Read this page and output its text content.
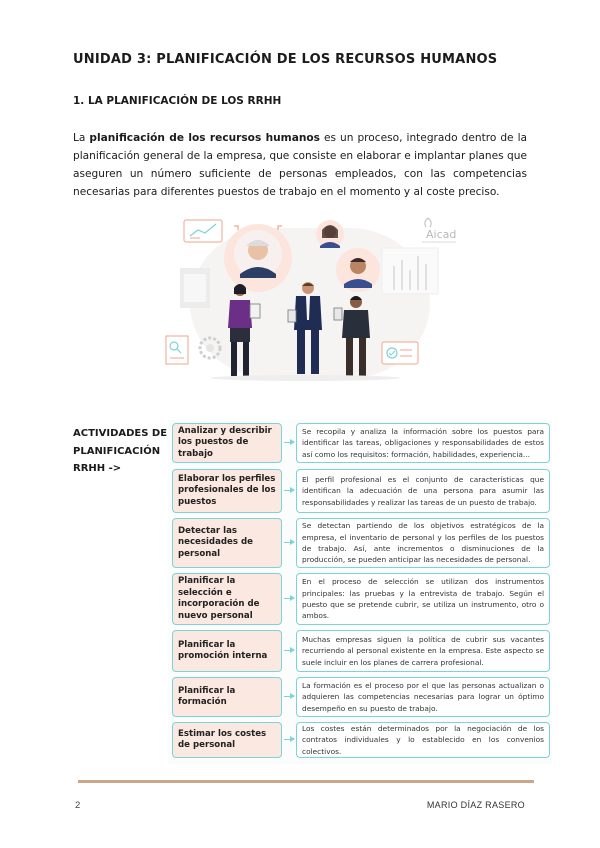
UNIDAD 3: PLANIFICACIÓN DE LOS RECURSOS HUMANOS
1. LA PLANIFICACIÓN DE LOS RRHH

La planificación de los recursos humanos es un proceso, integrado dentro de la planificación general de la empresa, que consiste en elaborar e implantar planes que aseguren un número suficiente de personas empleados, con las competencias necesarias para diferentes puestos de trabajo en el momento y al coste preciso.

Aicad
ACTIVIDADES DE PLANIFICACIÓN RRHH ->
Analizar y describir los puestos de trabajo
Se recopila y analiza la información sobre los puestos para identificar las tareas, obligaciones y responsabilidades de estos así como los requisitos: formación, habilidades, experiencia...
Elaborar los perfiles profesionales de los puestos
El perfil profesional es el conjunto de características que identifican la adecuación de una persona para asumir las responsabilidades y realizar las tareas de un puesto de trabajo.
Detectar las necesidades de personal
Se detectan partiendo de los objetivos estratégicos de la empresa, el inventario de personal y los perfiles de los puestos de trabajo. Así, ante incrementos o disminuciones de la producción, se pueden anticipar las necesidades de personal.
Planificar la selección e incorporación de nuevo personal
En el proceso de selección se utilizan dos instrumentos principales: las pruebas y la entrevista de trabajo. Según el puesto que se pretende cubrir, se utiliza un instrumento, otro o ambos.
Planificar la promoción interna
Muchas empresas siguen la política de cubrir sus vacantes recurriendo al personal existente en la empresa. Este aspecto se suele incluir en los planes de carrera profesional.
Planificar la formación
La formación es el proceso por el que las personas actualizan o adquieren las competencias necesarias para lograr un óptimo desempeño en su puesto de trabajo.
Estimar los costes de personal
Los costes están determinados por la negociación de los contratos individuales y lo establecido en los convenios colectivos.
2	MARIO DÍAZ RASERO
